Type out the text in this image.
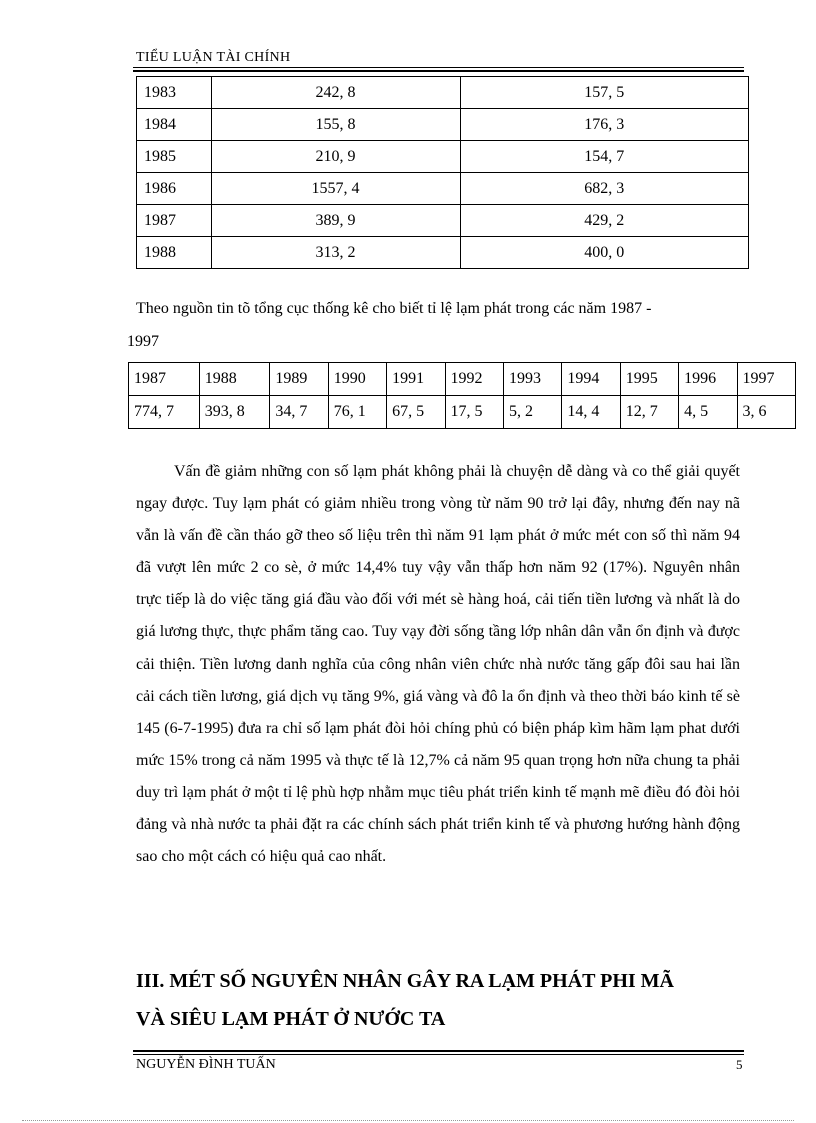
TIỂU LUẬN TÀI CHÍNH
1983	242, 8	157, 5
1984	155, 8	176, 3
1985	210, 9	154, 7
1986	1557, 4	682, 3
1987	389, 9	429, 2
1988	313, 2	400, 0
Theo nguồn tin tõ tổng cục thống kê cho biết tỉ lệ lạm phát trong các năm 1987 -
1997
1987	1988	1989	1990	1991	1992	1993	1994	1995	1996	1997
774, 7	393, 8	34, 7	76, 1	67, 5	17, 5	5, 2	14, 4	12, 7	4, 5	3, 6

Vấn đề giảm những con số lạm phát không phải là chuyện dễ dàng và co thể giải quyết ngay được. Tuy lạm phát có giảm nhiều trong vòng từ năm 90 trở lại đây, nhưng đến nay nã vẫn là vấn đề cần tháo gỡ theo số liệu trên thì năm 91 lạm phát ở mức mét con số thì năm 94 đã vượt lên mức 2 co sè, ở mức 14,4% tuy vậy vẫn thấp hơn năm 92 (17%). Nguyên nhân trực tiếp là do việc tăng giá đầu vào đối với mét sè hàng hoá, cải tiến tiền lương và nhất là do giá lương thực, thực phẩm tăng cao. Tuy vạy đời sống tầng lớp nhân dân vẫn ổn định và được cải thiện. Tiền lương danh nghĩa của công nhân viên chức nhà nước tăng gấp đôi sau hai lần cải cách tiền lương, giá dịch vụ tăng 9%, giá vàng và đô la ổn định và theo thời báo kinh tế sè 145 (6-7-1995) đưa ra chỉ số lạm phát đòi hỏi chíng phủ có biện pháp kìm hãm lạm phat dưới mức 15% trong cả năm 1995 và thực tế là 12,7% cả năm 95 quan trọng hơn nữa chung ta phải duy trì lạm phát ở một tỉ lệ phù hợp nhằm mục tiêu phát triển kinh tế mạnh mẽ điều đó đòi hỏi đảng và nhà nước ta phải đặt ra các chính sách phát triển kinh tế và phương hướng hành động sao cho một cách có hiệu quả cao nhất.

III. MÉT SỐ NGUYÊN NHÂN GÂY RA LẠM PHÁT PHI MÃ
VÀ SIÊU LẠM PHÁT Ở NƯỚC TA
NGUYỄN ĐÌNH TUẤN	5
